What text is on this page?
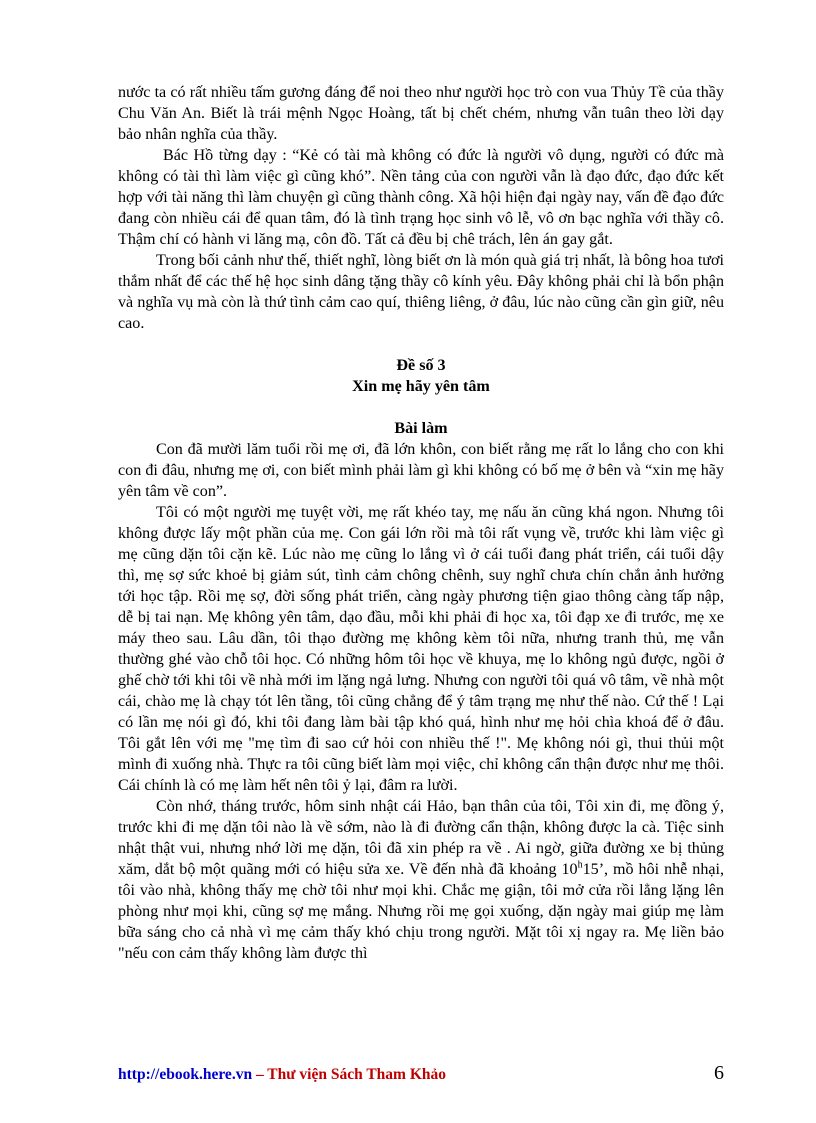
nước ta có rất nhiều tấm gương đáng để noi theo như người học trò con vua Thủy Tề của thầy Chu Văn An. Biết là trái mệnh Ngọc Hoàng, tất bị chết chém, nhưng vẫn tuân theo lời dạy bảo nhân nghĩa của thầy.

Bác Hồ từng dạy : “Kẻ có tài mà không có đức là người vô dụng, người có đức mà không có tài thì làm việc gì cũng khó”. Nền tảng của con người vẫn là đạo đức, đạo đức kết hợp với tài năng thì làm chuyện gì cũng thành công. Xã hội hiện đại ngày nay, vấn đề đạo đức đang còn nhiều cái để quan tâm, đó là tình trạng học sinh vô lễ, vô ơn bạc nghĩa với thầy cô. Thậm chí có hành vi lăng mạ, côn đồ. Tất cả đều bị chê trách, lên án gay gắt.

Trong bối cảnh như thế, thiết nghĩ, lòng biết ơn là món quà giá trị nhất, là bông hoa tươi thắm nhất để các thế hệ học sinh dâng tặng thầy cô kính yêu. Đây không phải chỉ là bổn phận và nghĩa vụ mà còn là thứ tình cảm cao quí, thiêng liêng, ở đâu, lúc nào cũng cần gìn giữ, nêu cao.

Đề số 3

Xin mẹ hãy yên tâm

Bài làm

Con đã mười lăm tuổi rồi mẹ ơi, đã lớn khôn, con biết rằng mẹ rất lo lắng cho con khi con đi đâu, nhưng mẹ ơi, con biết mình phải làm gì khi không có bố mẹ ở bên và “xin mẹ hãy yên tâm về con”.

Tôi có một người mẹ tuyệt vời, mẹ rất khéo tay, mẹ nấu ăn cũng khá ngon. Nhưng tôi không được lấy một phần của mẹ. Con gái lớn rồi mà tôi rất vụng về, trước khi làm việc gì mẹ cũng dặn tôi cặn kẽ. Lúc nào mẹ cũng lo lắng vì ở cái tuổi đang phát triển, cái tuổi dậy thì, mẹ sợ sức khoẻ bị giảm sút, tình cảm chông chênh, suy nghĩ chưa chín chắn ảnh hưởng tới học tập. Rồi mẹ sợ, đời sống phát triển, càng ngày phương tiện giao thông càng tấp nập, dễ bị tai nạn. Mẹ không yên tâm, dạo đầu, mỗi khi phải đi học xa, tôi đạp xe đi trước, mẹ xe máy theo sau. Lâu dần, tôi thạo đường mẹ không kèm tôi nữa, nhưng tranh thủ, mẹ vẫn thường ghé vào chỗ tôi học. Có những hôm tôi học về khuya, mẹ lo không ngủ được, ngồi ở ghế chờ tới khi tôi về nhà mới im lặng ngả lưng. Nhưng con người tôi quá vô tâm, về nhà một cái, chào mẹ là chạy tót lên tầng, tôi cũng chẳng để ý tâm trạng mẹ như thế nào. Cứ thế ! Lại có lần mẹ nói gì đó, khi tôi đang làm bài tập khó quá, hình như mẹ hỏi chìa khoá để ở đâu. Tôi gắt lên với mẹ "mẹ tìm đi sao cứ hỏi con nhiều thế !". Mẹ không nói gì, thui thủi một mình đi xuống nhà. Thực ra tôi cũng biết làm mọi việc, chỉ không cẩn thận được như mẹ thôi. Cái chính là có mẹ làm hết nên tôi ỷ lại, đâm ra lười.

Còn nhớ, tháng trước, hôm sinh nhật cái Hảo, bạn thân của tôi, Tôi xin đi, mẹ đồng ý, trước khi đi mẹ dặn tôi nào là về sớm, nào là đi đường cẩn thận, không được la cà. Tiệc sinh nhật thật vui, nhưng nhớ lời mẹ dặn, tôi đã xin phép ra về . Ai ngờ, giữa đường xe bị thủng xăm, dắt bộ một quãng mới có hiệu sửa xe. Về đến nhà đã khoảng 10$^h$15’, mồ hôi nhễ nhại, tôi vào nhà, không thấy mẹ chờ tôi như mọi khi. Chắc mẹ giận, tôi mở cửa rồi lẳng lặng lên phòng như mọi khi, cũng sợ mẹ mắng. Nhưng rồi mẹ gọi xuống, dặn ngày mai giúp mẹ làm bữa sáng cho cả nhà vì mẹ cảm thấy khó chịu trong người. Mặt tôi xị ngay ra. Mẹ liền bảo "nếu con cảm thấy không làm được thì

http://ebook.here.vn – Thư viện Sách Tham Khảo	6
